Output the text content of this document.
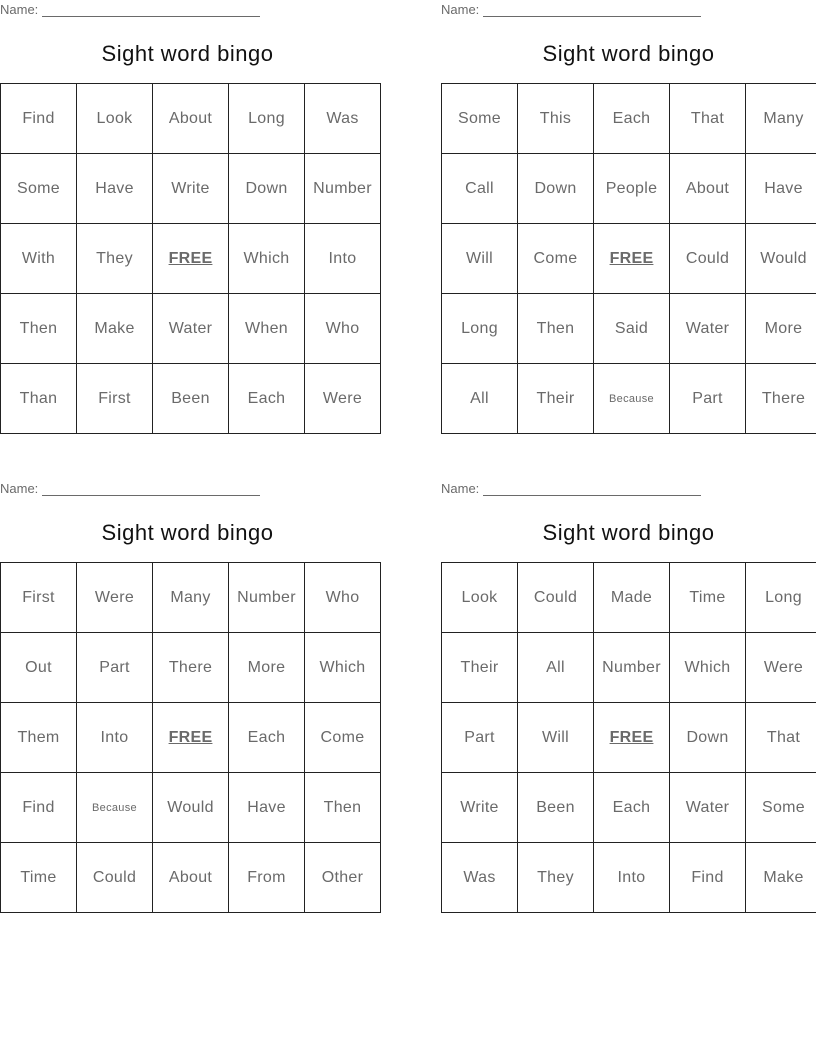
Name:
Sight word bingo
Find	Look	About	Long	Was
Some	Have	Write	Down	Number
With	They	FREE	Which	Into
Then	Make	Water	When	Who
Than	First	Been	Each	Were
Name:
Sight word bingo
Some	This	Each	That	Many
Call	Down	People	About	Have
Will	Come	FREE	Could	Would
Long	Then	Said	Water	More
All	Their	Because	Part	There
Name:
Sight word bingo
First	Were	Many	Number	Who
Out	Part	There	More	Which
Them	Into	FREE	Each	Come
Find	Because	Would	Have	Then
Time	Could	About	From	Other
Name:
Sight word bingo
Look	Could	Made	Time	Long
Their	All	Number	Which	Were
Part	Will	FREE	Down	That
Write	Been	Each	Water	Some
Was	They	Into	Find	Make
